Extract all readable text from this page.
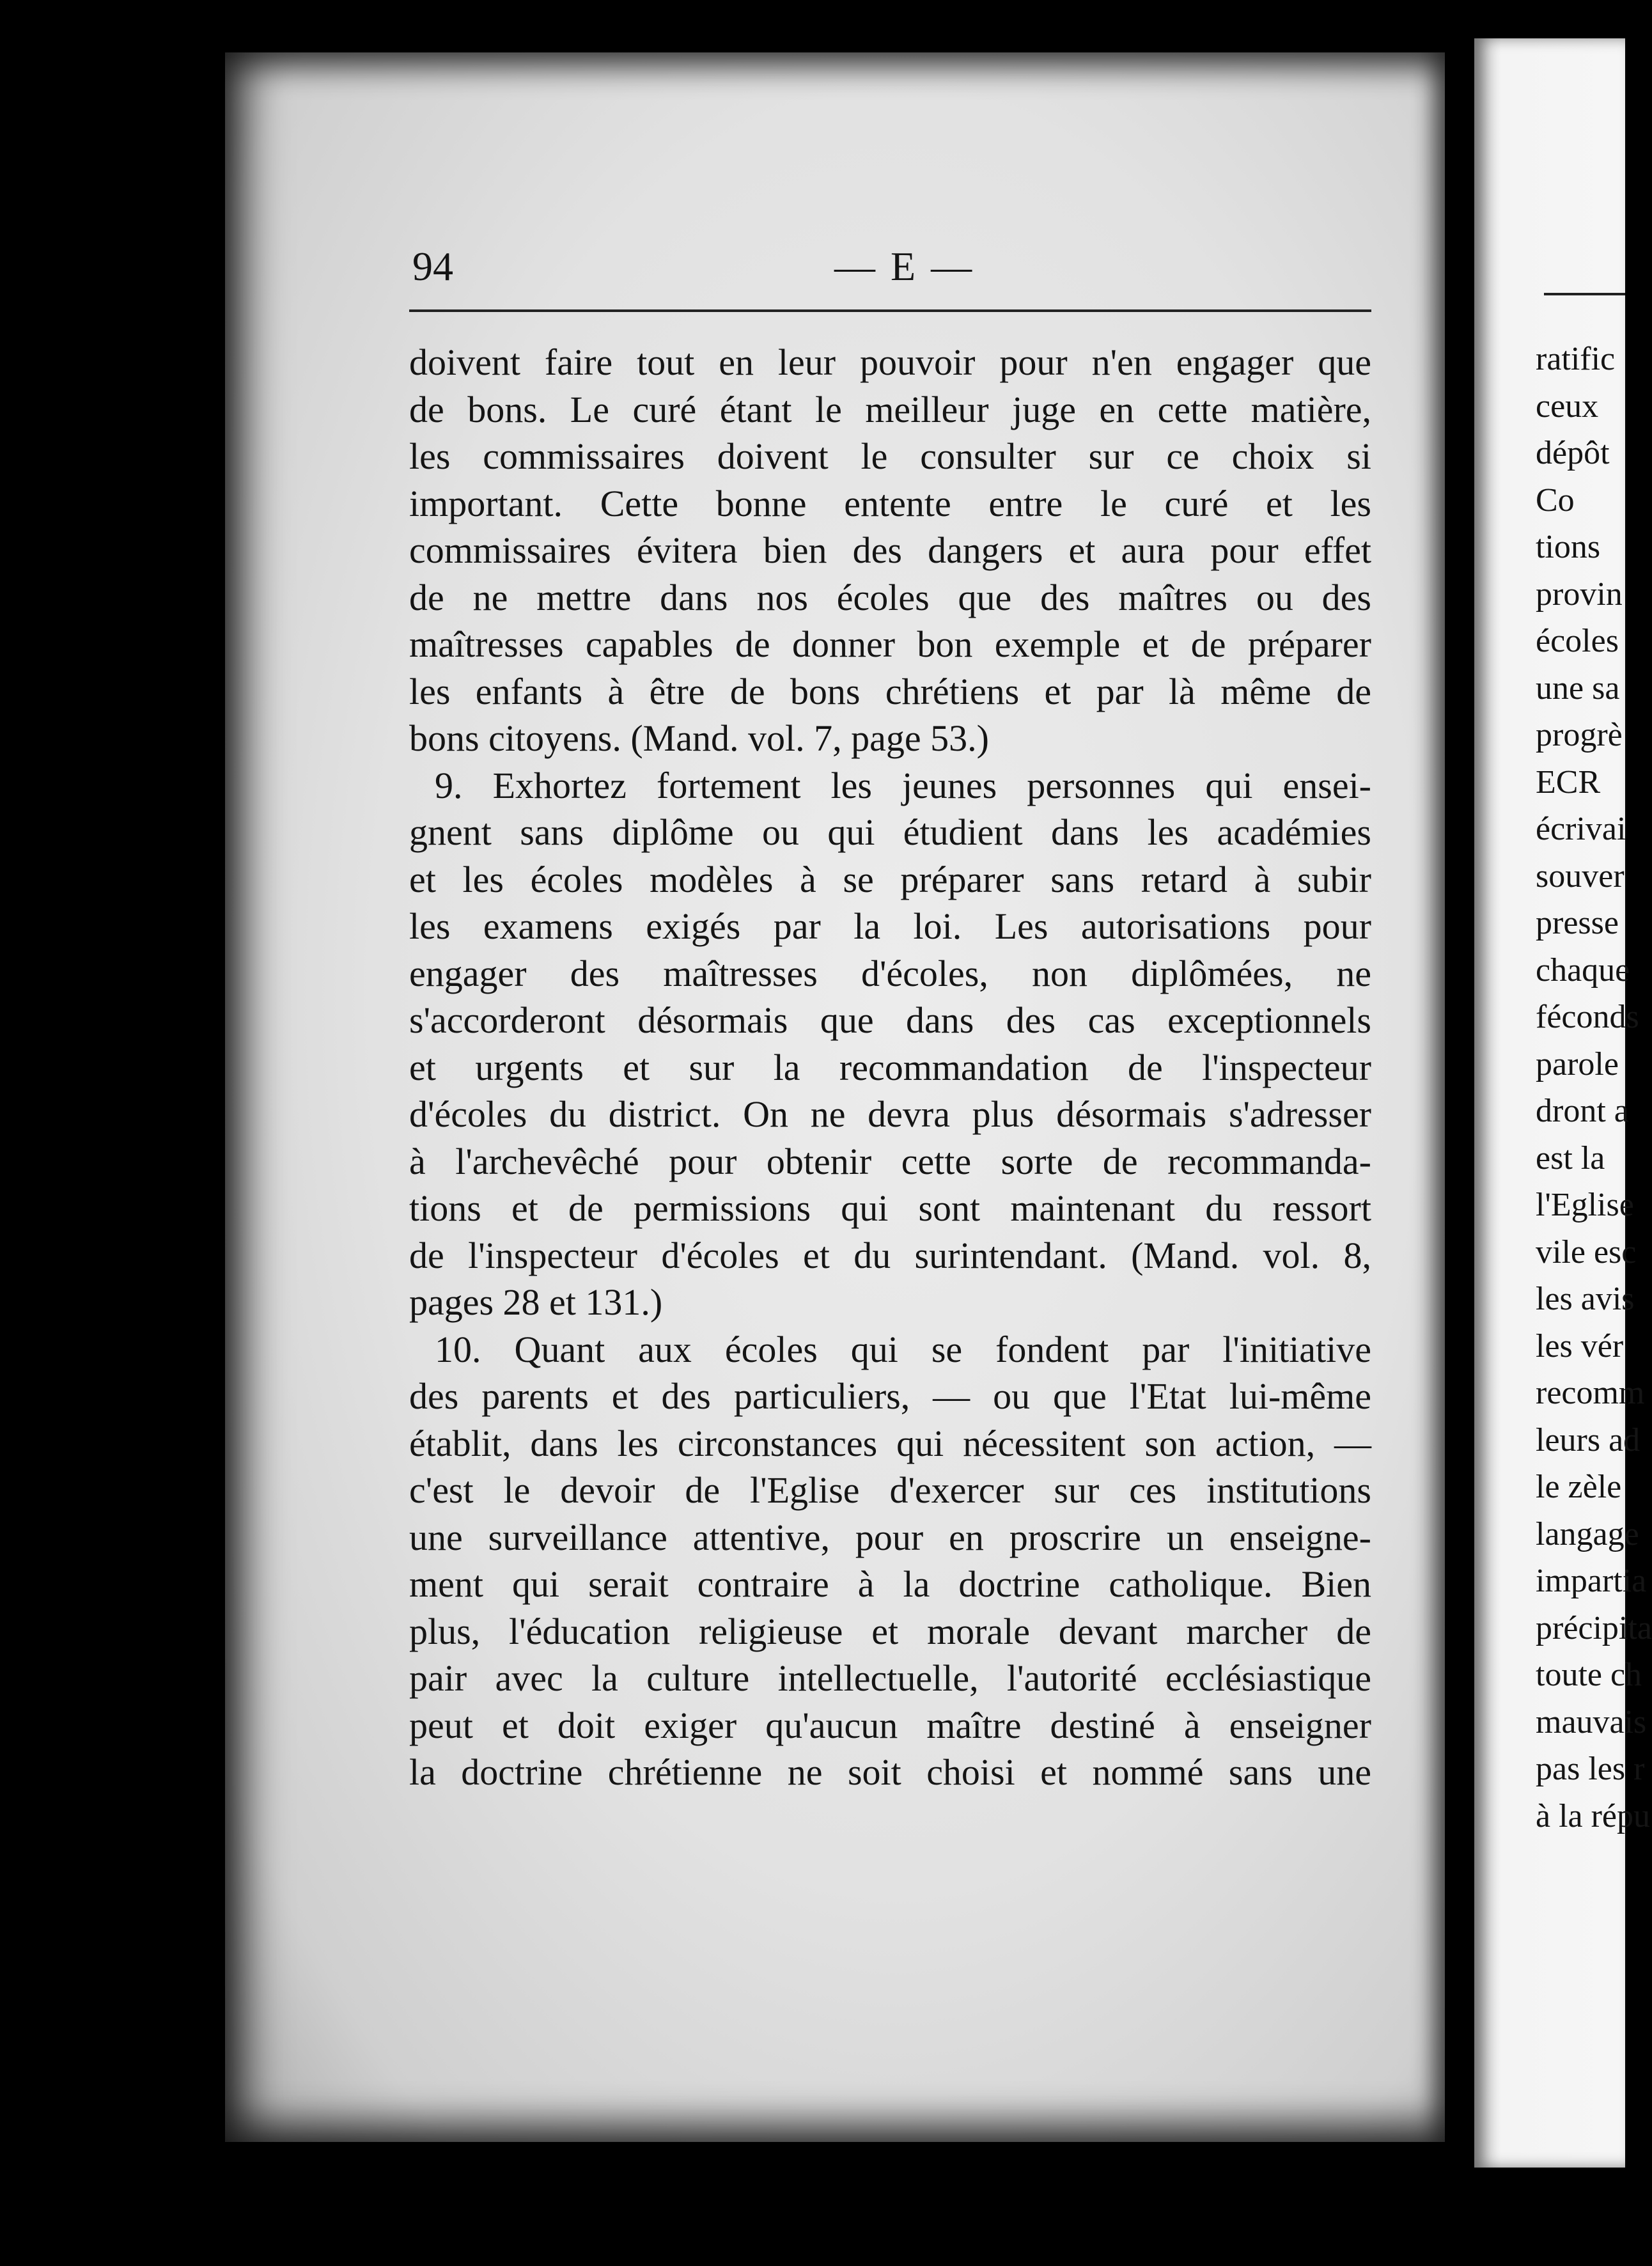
94	— E —
doivent faire tout en leur pouvoir pour n'en engager que
de bons. Le curé étant le meilleur juge en cette matière,
les commissaires doivent le consulter sur ce choix si
important. Cette bonne entente entre le curé et les
commissaires évitera bien des dangers et aura pour effet
de ne mettre dans nos écoles que des maîtres ou des
maîtresses capables de donner bon exemple et de préparer
les enfants à être de bons chrétiens et par là même de
bons citoyens. (Mand. vol. 7, page 53.)
9. Exhortez fortement les jeunes personnes qui ensei-
gnent sans diplôme ou qui étudient dans les académies
et les écoles modèles à se préparer sans retard à subir
les examens exigés par la loi. Les autorisations pour
engager des maîtresses d'écoles, non diplômées, ne
s'accorderont désormais que dans des cas exceptionnels
et urgents et sur la recommandation de l'inspecteur
d'écoles du district. On ne devra plus désormais s'adresser
à l'archevêché pour obtenir cette sorte de recommanda-
tions et de permissions qui sont maintenant du ressort
de l'inspecteur d'écoles et du surintendant. (Mand. vol. 8,
pages 28 et 131.)
10. Quant aux écoles qui se fondent par l'initiative
des parents et des particuliers, — ou que l'Etat lui-même
établit, dans les circonstances qui nécessitent son action, —
c'est le devoir de l'Eglise d'exercer sur ces institutions
une surveillance attentive, pour en proscrire un enseigne-
ment qui serait contraire à la doctrine catholique. Bien
plus, l'éducation religieuse et morale devant marcher de
pair avec la culture intellectuelle, l'autorité ecclésiastique
peut et doit exiger qu'aucun maître destiné à enseigner
la doctrine chrétienne ne soit choisi et nommé sans une
ratific
ceux
dépôt
Co
tions
provin
écoles
une sa
progrè
ECR
écrivai
souver
presse
chaque
féconds
parole
dront a
est la
l'Eglise
vile esc
les avis
les vér
recomm
leurs ad
le zèle
langage
impartia
précipita
toute ch
mauvais
pas les r
à la répu
